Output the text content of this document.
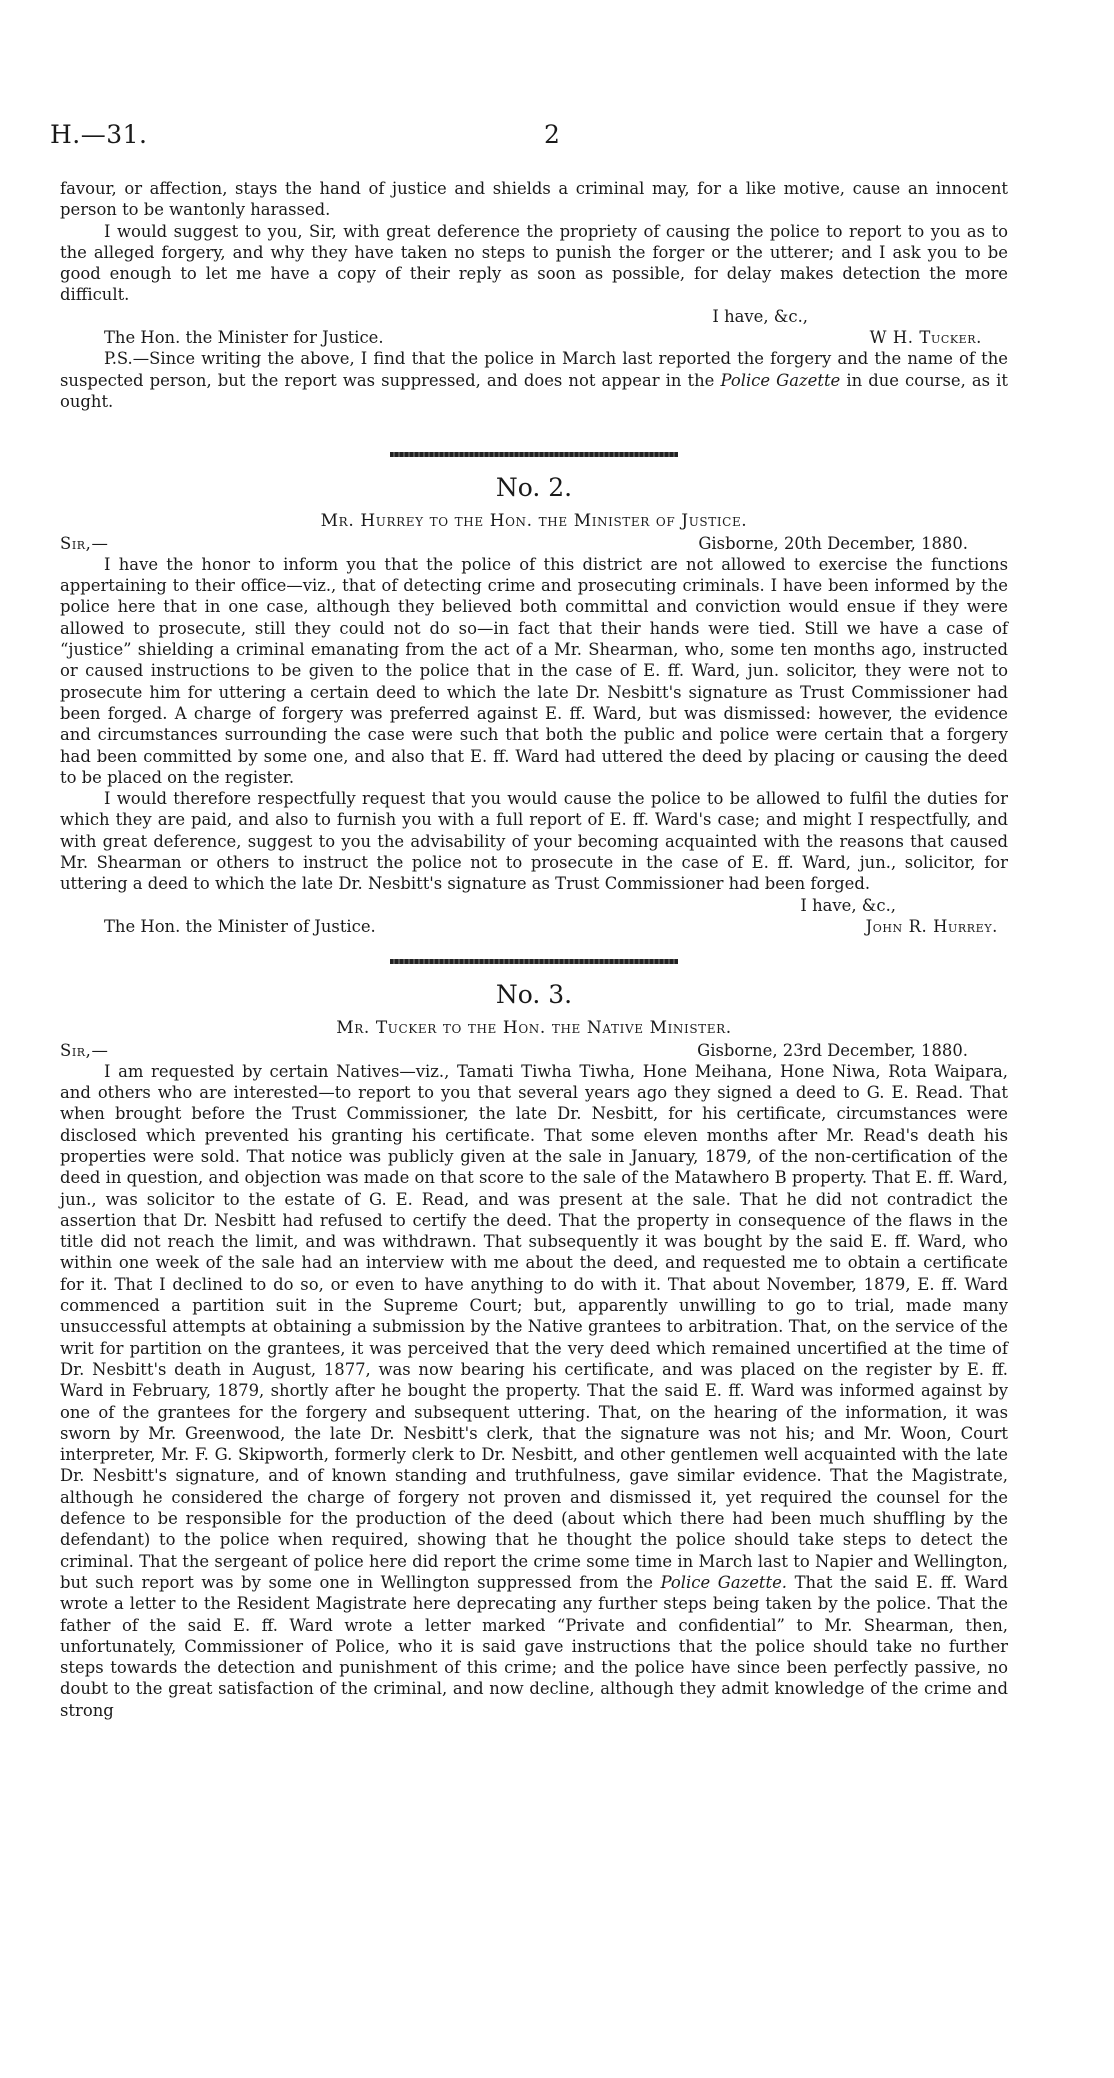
H.—31.	2

favour, or affection, stays the hand of justice and shields a criminal may, for a like motive, cause an innocent person to be wantonly harassed.

I would suggest to you, Sir, with great deference the propriety of causing the police to report to you as to the alleged forgery, and why they have taken no steps to punish the forger or the utterer; and I ask you to be good enough to let me have a copy of their reply as soon as possible, for delay makes detection the more difficult.

I have, &c.,
The Hon. the Minister for Justice.	W H. Tucker.

P.S.—Since writing the above, I find that the police in March last reported the forgery and the name of the suspected person, but the report was suppressed, and does not appear in the Police Gazette in due course, as it ought.

No. 2.
Mr. Hurrey to the Hon. the Minister of Justice.
Sir,—	Gisborne, 20th December, 1880.

I have the honor to inform you that the police of this district are not allowed to exercise the functions appertaining to their office—viz., that of detecting crime and prosecuting criminals. I have been informed by the police here that in one case, although they believed both committal and conviction would ensue if they were allowed to prosecute, still they could not do so—in fact that their hands were tied. Still we have a case of “justice” shielding a criminal emanating from the act of a Mr. Shearman, who, some ten months ago, instructed or caused instructions to be given to the police that in the case of E. ff. Ward, jun. solicitor, they were not to prosecute him for uttering a certain deed to which the late Dr. Nesbitt's signature as Trust Commissioner had been forged. A charge of forgery was preferred against E. ff. Ward, but was dismissed: however, the evidence and circumstances surrounding the case were such that both the public and police were certain that a forgery had been committed by some one, and also that E. ff. Ward had uttered the deed by placing or causing the deed to be placed on the register.

I would therefore respectfully request that you would cause the police to be allowed to fulfil the duties for which they are paid, and also to furnish you with a full report of E. ff. Ward's case; and might I respectfully, and with great deference, suggest to you the advisability of your becoming acquainted with the reasons that caused Mr. Shearman or others to instruct the police not to prosecute in the case of E. ff. Ward, jun., solicitor, for uttering a deed to which the late Dr. Nesbitt's signature as Trust Commissioner had been forged.

I have, &c.,
The Hon. the Minister of Justice.	John R. Hurrey.
No. 3.
Mr. Tucker to the Hon. the Native Minister.
Sir,—	Gisborne, 23rd December, 1880.

I am requested by certain Natives—viz., Tamati Tiwha Tiwha, Hone Meihana, Hone Niwa, Rota Waipara, and others who are interested—to report to you that several years ago they signed a deed to G. E. Read. That when brought before the Trust Commissioner, the late Dr. Nesbitt, for his certificate, circumstances were disclosed which prevented his granting his certificate. That some eleven months after Mr. Read's death his properties were sold. That notice was publicly given at the sale in January, 1879, of the non-certification of the deed in question, and objection was made on that score to the sale of the Matawhero B property. That E. ff. Ward, jun., was solicitor to the estate of G. E. Read, and was present at the sale. That he did not contradict the assertion that Dr. Nesbitt had refused to certify the deed. That the property in consequence of the flaws in the title did not reach the limit, and was withdrawn. That subsequently it was bought by the said E. ff. Ward, who within one week of the sale had an interview with me about the deed, and requested me to obtain a certificate for it. That I declined to do so, or even to have anything to do with it. That about November, 1879, E. ff. Ward commenced a partition suit in the Supreme Court; but, apparently unwilling to go to trial, made many unsuccessful attempts at obtaining a submission by the Native grantees to arbitration. That, on the service of the writ for partition on the grantees, it was perceived that the very deed which remained uncertified at the time of Dr. Nesbitt's death in August, 1877, was now bearing his certificate, and was placed on the register by E. ff. Ward in February, 1879, shortly after he bought the property. That the said E. ff. Ward was informed against by one of the grantees for the forgery and subsequent uttering. That, on the hearing of the information, it was sworn by Mr. Greenwood, the late Dr. Nesbitt's clerk, that the signature was not his; and Mr. Woon, Court interpreter, Mr. F. G. Skipworth, formerly clerk to Dr. Nesbitt, and other gentlemen well acquainted with the late Dr. Nesbitt's signature, and of known standing and truthfulness, gave similar evidence. That the Magistrate, although he considered the charge of forgery not proven and dismissed it, yet required the counsel for the defence to be responsible for the production of the deed (about which there had been much shuffling by the defendant) to the police when required, showing that he thought the police should take steps to detect the criminal. That the sergeant of police here did report the crime some time in March last to Napier and Wellington, but such report was by some one in Wellington suppressed from the Police Gazette. That the said E. ff. Ward wrote a letter to the Resident Magistrate here deprecating any further steps being taken by the police. That the father of the said E. ff. Ward wrote a letter marked “Private and confidential” to Mr. Shearman, then, unfortunately, Commissioner of Police, who it is said gave instructions that the police should take no further steps towards the detection and punishment of this crime; and the police have since been perfectly passive, no doubt to the great satisfaction of the criminal, and now decline, although they admit knowledge of the crime and strong
